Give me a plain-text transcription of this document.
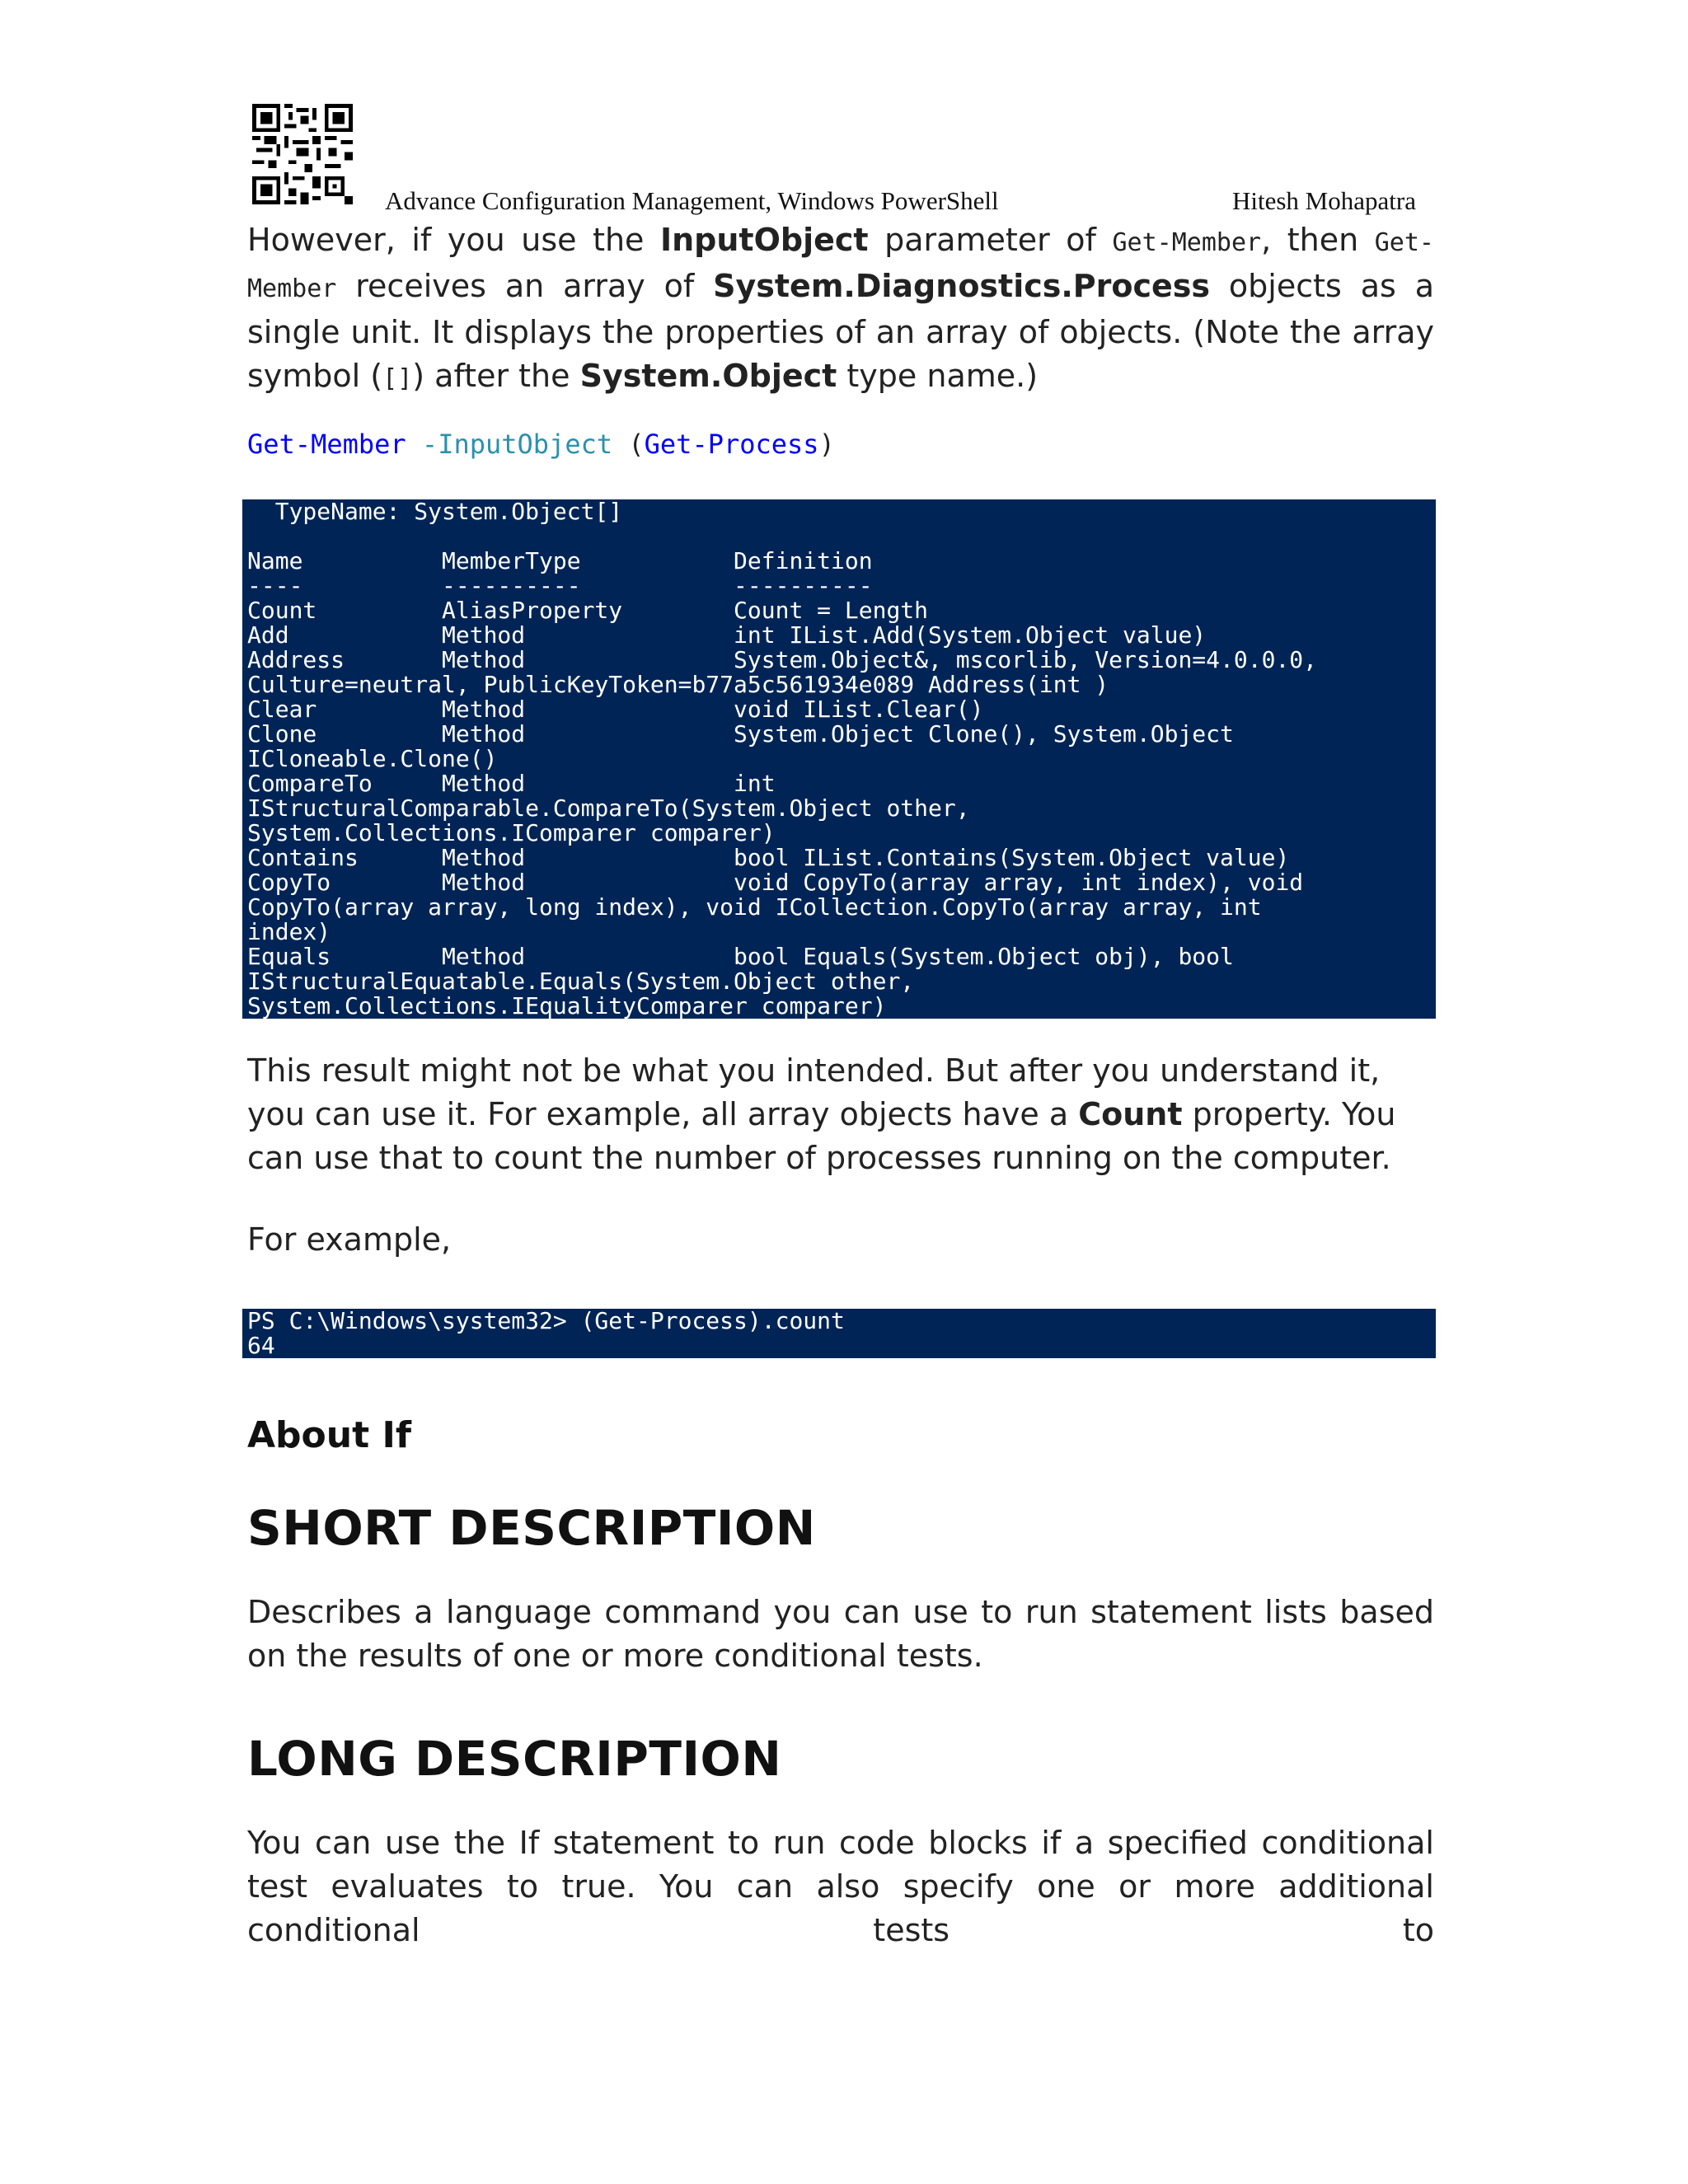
Advance Configuration Management, Windows PowerShell	Hitesh Mohapatra
However, if you use the InputObject parameter of Get-Member, then Get-Member receives an array of System.Diagnostics.Process objects as a single unit. It displays the properties of an array of objects. (Note the array symbol ([]) after the System.Object type name.)
Get-Member -InputObject (Get-Process)
TypeName: System.Object[]

Name          MemberType           Definition
----          ----------           ----------
Count         AliasProperty        Count = Length
Add           Method               int IList.Add(System.Object value)
Address       Method               System.Object&, mscorlib, Version=4.0.0.0,
Culture=neutral, PublicKeyToken=b77a5c561934e089 Address(int )
Clear         Method               void IList.Clear()
Clone         Method               System.Object Clone(), System.Object
ICloneable.Clone()
CompareTo     Method               int
IStructuralComparable.CompareTo(System.Object other,
System.Collections.IComparer comparer)
Contains      Method               bool IList.Contains(System.Object value)
CopyTo        Method               void CopyTo(array array, int index), void
CopyTo(array array, long index), void ICollection.CopyTo(array array, int
index)
Equals        Method               bool Equals(System.Object obj), bool
IStructuralEquatable.Equals(System.Object other,
System.Collections.IEqualityComparer comparer)
This result might not be what you intended. But after you understand it, you can use it. For example, all array objects have a Count property. You can use that to count the number of processes running on the computer.
For example,
PS C:\Windows\system32> (Get-Process).count
64
About If
SHORT DESCRIPTION
Describes a language command you can use to run statement lists based on the results of one or more conditional tests.
LONG DESCRIPTION
You can use the If statement to run code blocks if a specified conditional test evaluates to true. You can also specify one or more additional conditional tests to
